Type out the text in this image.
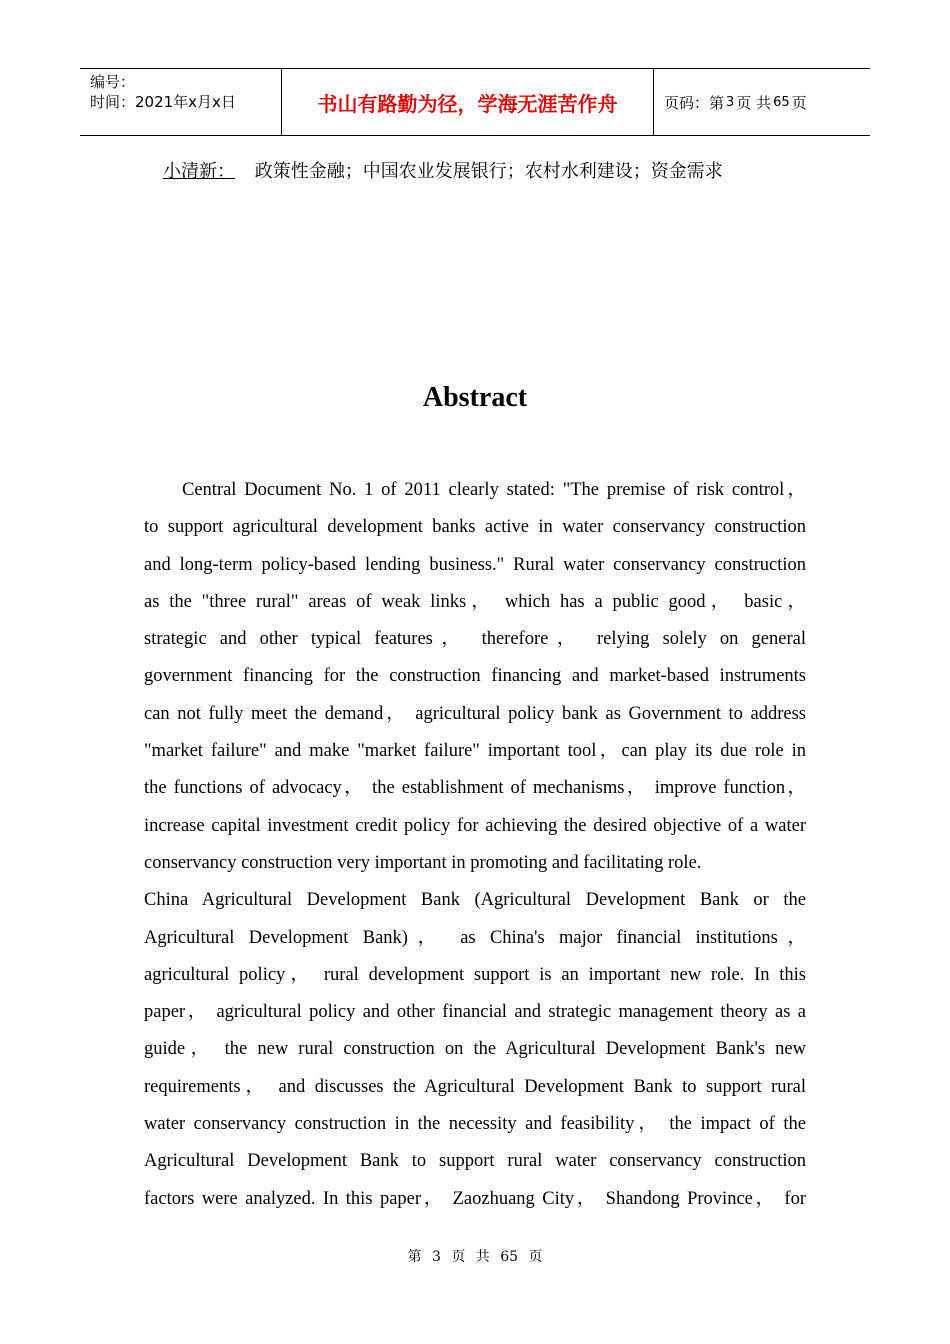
编号：
时间：2021年x月x日	书山有路勤为径，学海无涯苦作舟	页码：第 3 页 共 65 页
小清新： 政策性金融；中国农业发展银行；农村水利建设；资金需求
Abstract

Central Document No. 1 of 2011 clearly stated: "The premise of risk control，

to support agricultural development banks active in water conservancy construction

and long-term policy-based lending business." Rural water conservancy construction

as the "three rural" areas of weak links， which has a public good， basic，

strategic and other typical features， therefore， relying solely on general

government financing for the construction financing and market-based instruments

can not fully meet the demand， agricultural policy bank as Government to address

"market failure" and make "market failure" important tool，can play its due role in

the functions of advocacy， the establishment of mechanisms， improve function，

increase capital investment credit policy for achieving the desired objective of a water

conservancy construction very important in promoting and facilitating role.

China Agricultural Development Bank (Agricultural Development Bank or the

Agricultural Development Bank)， as China's major financial institutions，

agricultural policy， rural development support is an important new role. In this

paper， agricultural policy and other financial and strategic management theory as a

guide， the new rural construction on the Agricultural Development Bank's new

requirements， and discusses the Agricultural Development Bank to support rural

water conservancy construction in the necessity and feasibility， the impact of the

Agricultural Development Bank to support rural water conservancy construction

factors were analyzed. In this paper， Zaozhuang City， Shandong Province， for

第 3 页 共 65 页
